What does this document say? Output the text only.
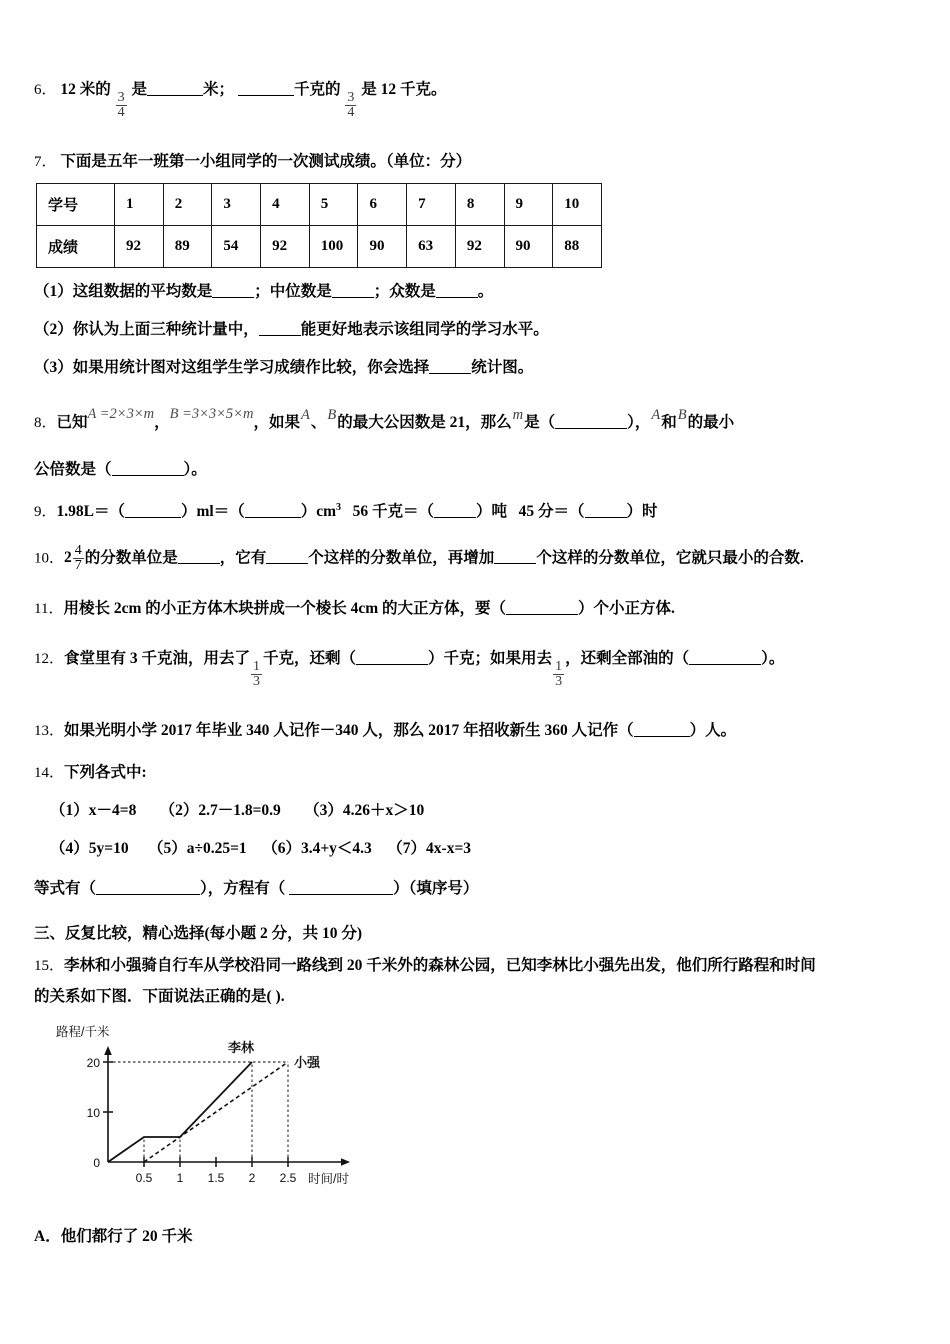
6． 12 米的
$\frac{3}{4}$
是	米；	千克的
$\frac{3}{4}$
是 12 千克。
7． 下面是五年一班第一小组同学的一次测试成绩。（单位：分）
学号	1	2	3	4	5	6	7	8	9	10
成绩	92	89	54	92	100	90	63	92	90	88
（1）这组数据的平均数是	；中位数是	；众数是	。
（2）你认为上面三种统计量中，	能更好地表示该组同学的学习水平。
（3）如果用统计图对这组学生学习成绩作比较，你会选择	统计图。
8．已知A =2×3×m，B =3×3×5×m，如果A、B的最大公因数是 21，那么m是（	），A和B的最小
公倍数是（	）。
9．1.98L＝（	）ml＝（	）$cm^3$ 56 千克＝（	）吨 45 分＝（	）时
10． $2 \frac{4}{7}$ 的分数单位是	，它有	个这样的分数单位，再增加	个这样的分数单位，它就只最小的合数.
11．用棱长 2cm 的小正方体木块拼成一个棱长 4cm 的大正方体，要（	）个小正方体.
12．食堂里有 3 千克油，用去了
$\frac{1}{3}$
千克，还剩（	）千克；如果用去
$\frac{1}{3}$
，还剩全部油的（	）。
13．如果光明小学 2017 年毕业 340 人记作－340 人，那么 2017 年招收新生 360 人记作（	）人。
14．下列各式中:
（1）x－4=8 （2）2.7－1.8=0.9 （3）4.26＋x＞10
（4）5y=10 （5）a÷0.25=1 （6）3.4+y＜4.3 （7）4x-x=3
等式有（	），方程有（	）（填序号）
三、反复比较，精心选择(每小题 2 分，共 10 分)
15．李林和小强骑自行车从学校沿同一路线到 20 千米外的森林公园，已知李林比小强先出发，他们所行路程和时间
的关系如下图．下面说法正确的是( ).
路程/千米
0
10
20
0.5 1 1.5 2 2.5 时间/时
李林
小强
A．他们都行了 20 千米
